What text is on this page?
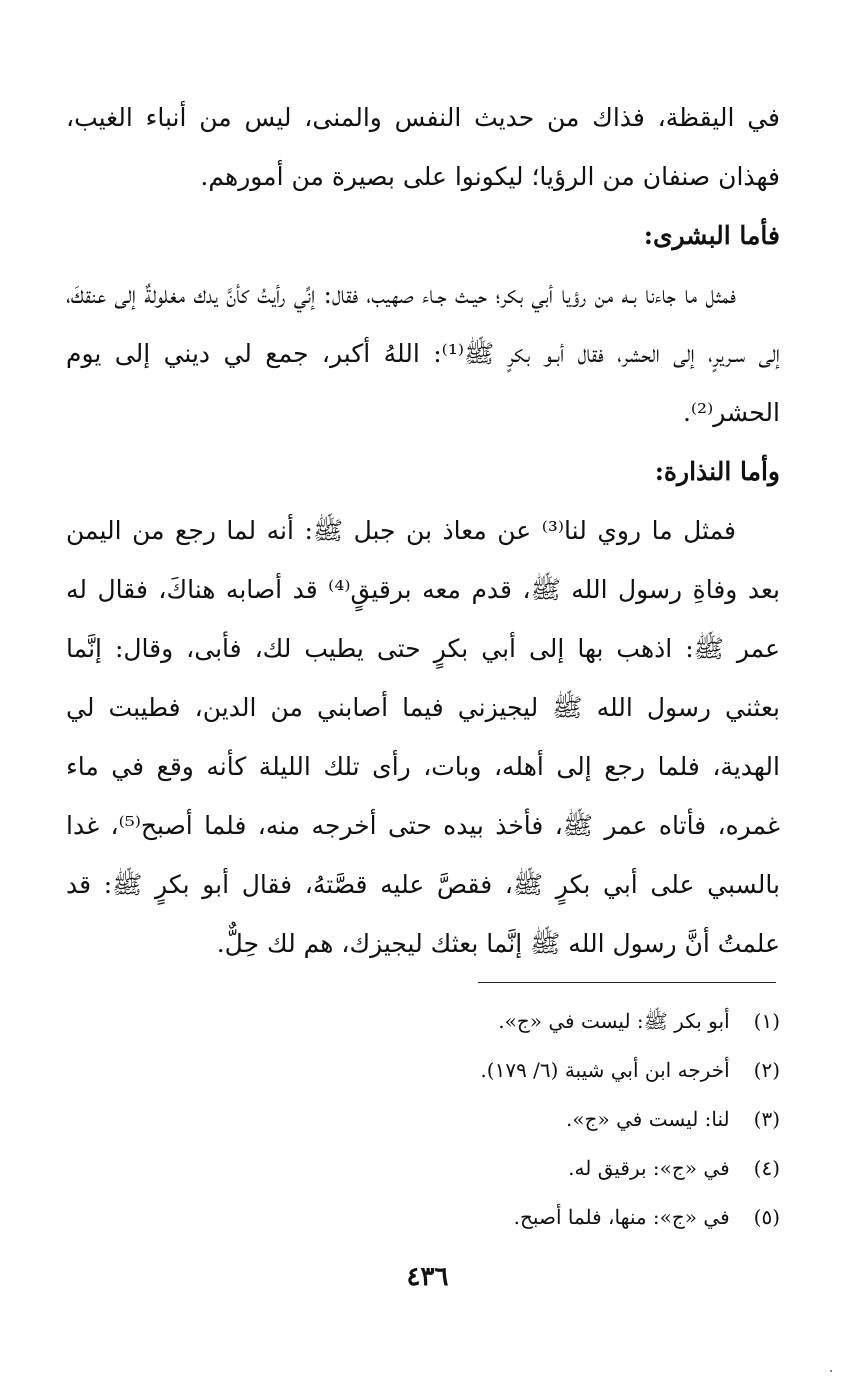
في اليقظة، فذاك من حديث النفس والمنى، ليس من أنباء الغيب، فهذان صنفان من الرؤيا؛ ليكونوا على بصيرة من أمورهم.

فأما البشرى:

فمثل ما جاءنا بـه من رؤيا أبي بكر؛ حيـث جـاء صهيب، فقال: إنِّي رأيتُ كأنَّ يدك مغلولةٌ إلى عنقكَ، إلى سـريرٍ، إلى الحشر، فقال أبـو بكرٍ ﷺ⁽¹⁾: اللهُ أكبر، جمع لي ديني إلى يوم الحشر⁽²⁾.

وأما النذارة:

فمثل ما روي لنا⁽³⁾ عن معاذ بن جبل ﷺ: أنه لما رجع من اليمن بعد وفاةِ رسول الله ﷺ، قدم معه برقيقٍ⁽⁴⁾ قد أصابه هناكَ، فقال له عمر ﷺ: اذهب بها إلى أبي بكرٍ حتى يطيب لك، فأبى، وقال: إنَّما بعثني رسول الله ﷺ ليجيزني فيما أصابني من الدين، فطيبت لي الهدية، فلما رجع إلى أهله، وبات، رأى تلك الليلة كأنه وقع في ماء غمره، فأتاه عمر ﷺ، فأخذ بيده حتى أخرجه منه، فلما أصبح⁽⁵⁾، غدا بالسبي على أبي بكرٍ ﷺ، فقصَّ عليه قصَّتهُ، فقال أبو بكرٍ ﷺ: قد علمتُ أنَّ رسول الله ﷺ إنَّما بعثك ليجيزك، هم لك حِلٌّ.

(١) أبو بكر ﷺ: ليست في «ج».

(٢) أخرجه ابن أبي شيبة (٦/ ١٧٩).

(٣) لنا: ليست في «ج».

(٤) في «ج»: برقيق له.

(٥) في «ج»: منها، فلما أصبح.

٤٣٦
